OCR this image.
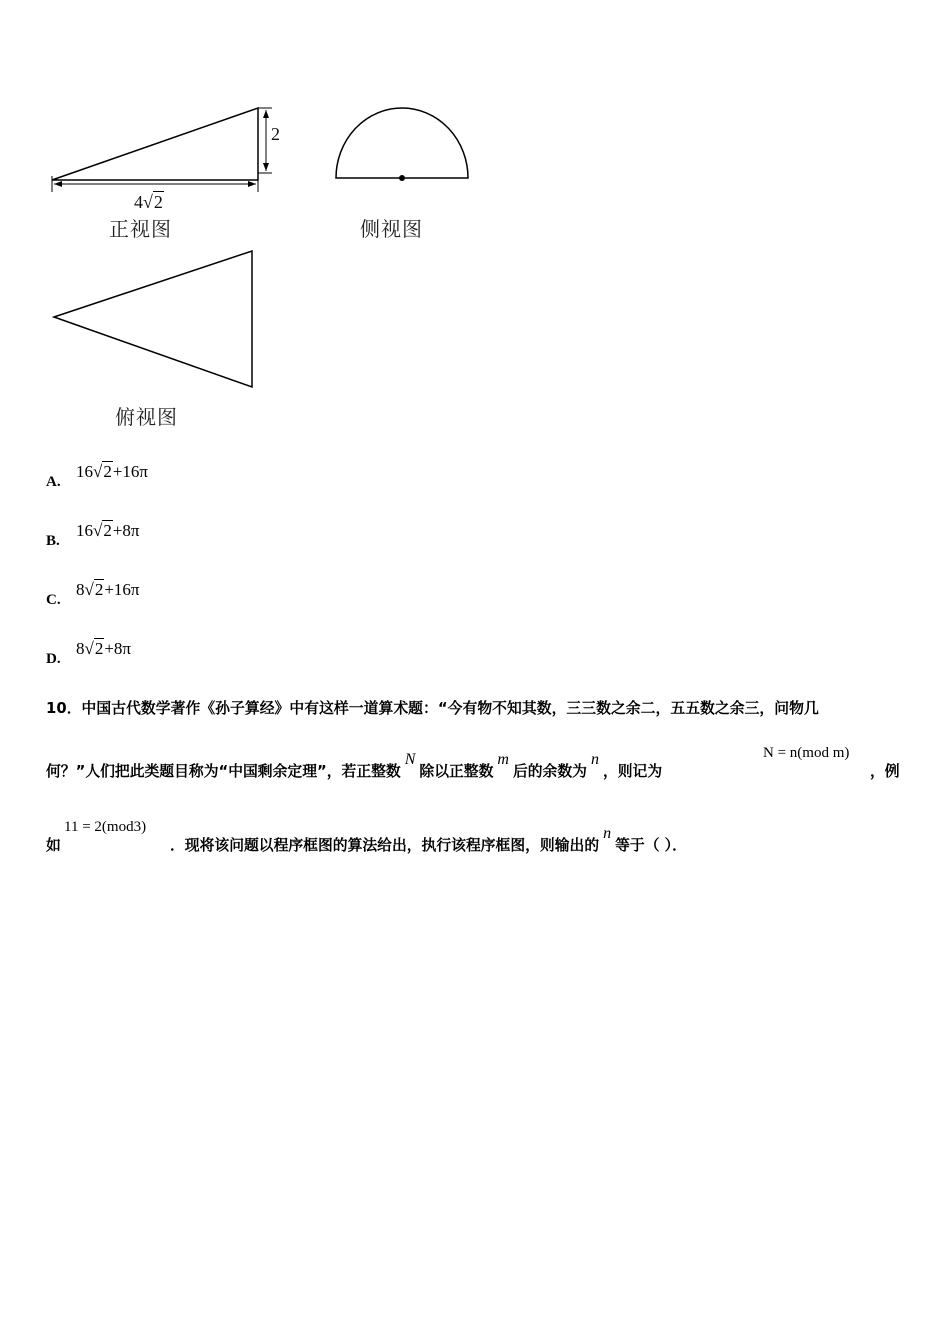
2
4√2
正视图	侧视图
俯视图
A.
16√2+16π
B.
16√2+8π
C.
8√2+16π
D.
8√2+8π
10．中国古代数学著作《孙子算经》中有这样一道算术题：“今有物不知其数，三三数之余二，五五数之余三，问物几
何？”人们把此类题目称为“中国剩余定理”，若正整数N除以正整数m后的余数为n，则记为
N = n(mod m)
，例
如
11 = 2(mod3)
．现将该问题以程序框图的算法给出，执行该程序框图，则输出的n等于（ ）．
